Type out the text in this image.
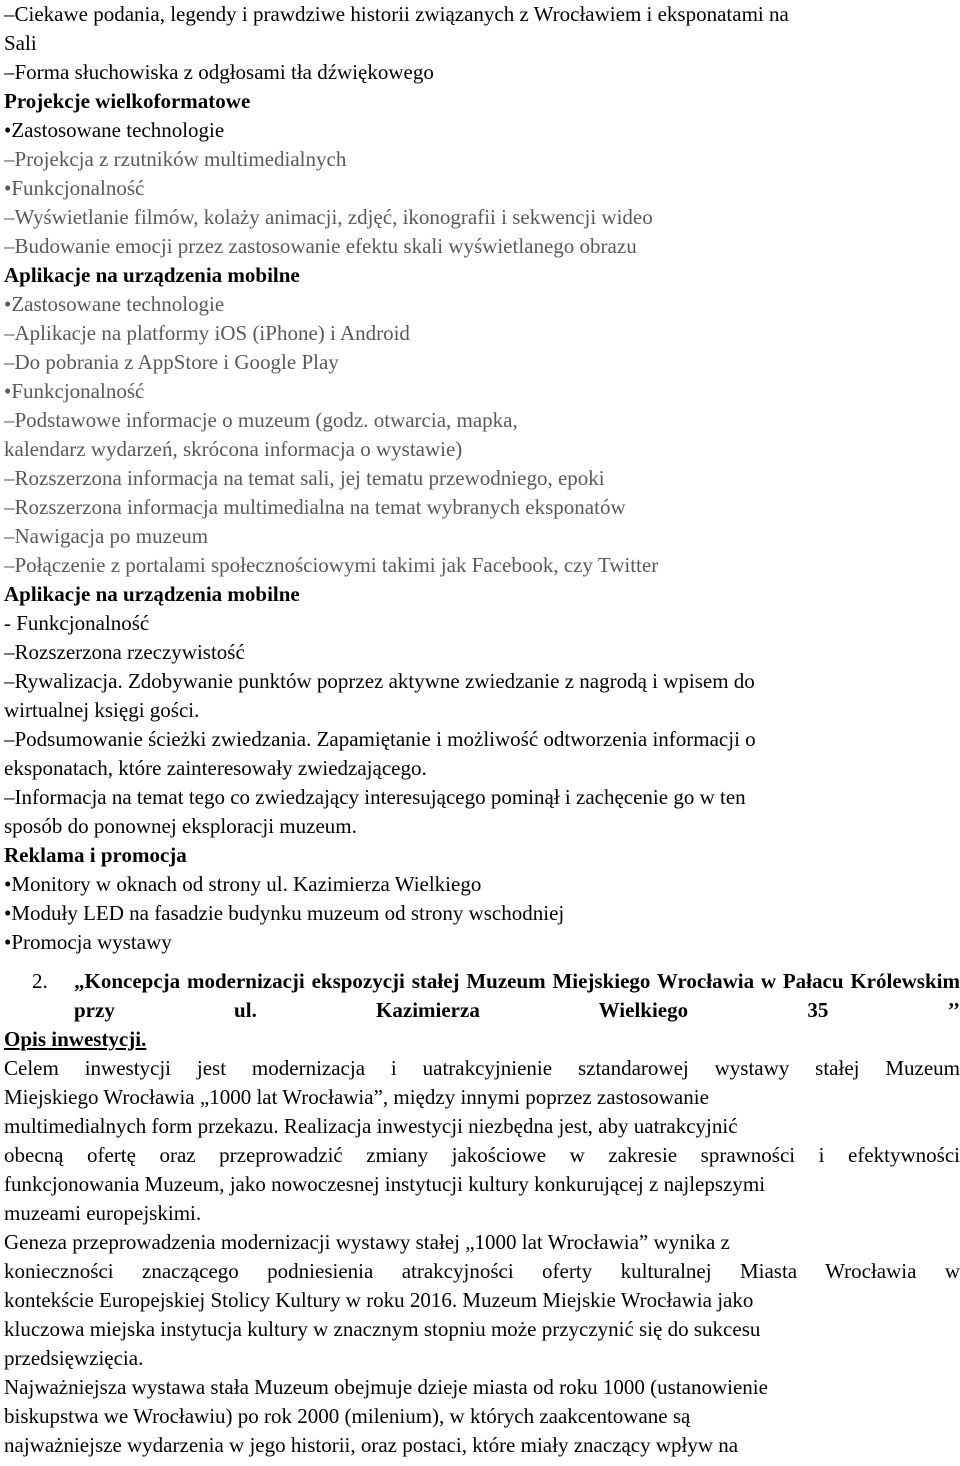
–Ciekawe podania, legendy i prawdziwe historii związanych z Wrocławiem i eksponatami na
Sali
–Forma słuchowiska z odgłosami tła dźwiękowego
Projekcje wielkoformatowe
•Zastosowane technologie
–Projekcja z rzutników multimedialnych
•Funkcjonalność
–Wyświetlanie filmów, kolaży animacji, zdjęć, ikonografii i sekwencji wideo
–Budowanie emocji przez zastosowanie efektu skali wyświetlanego obrazu
Aplikacje na urządzenia mobilne
•Zastosowane technologie
–Aplikacje na platformy iOS (iPhone) i Android
–Do pobrania z AppStore i Google Play
•Funkcjonalność
–Podstawowe informacje o muzeum (godz. otwarcia, mapka,
kalendarz wydarzeń, skrócona informacja o wystawie)
–Rozszerzona informacja na temat sali, jej tematu przewodniego, epoki
–Rozszerzona informacja multimedialna na temat wybranych eksponatów
–Nawigacja po muzeum
–Połączenie z portalami społecznościowymi takimi jak Facebook, czy Twitter
Aplikacje na urządzenia mobilne
- Funkcjonalność
–Rozszerzona rzeczywistość
–Rywalizacja. Zdobywanie punktów poprzez aktywne zwiedzanie z nagrodą i wpisem do
wirtualnej księgi gości.
–Podsumowanie ścieżki zwiedzania. Zapamiętanie i możliwość odtworzenia informacji o
eksponatach, które zainteresowały zwiedzającego.
–Informacja na temat tego co zwiedzający interesującego pominął i zachęcenie go w ten
sposób do ponownej eksploracji muzeum.
Reklama i promocja
•Monitory w oknach od strony ul. Kazimierza Wielkiego
•Moduły LED na fasadzie budynku muzeum od strony wschodniej
•Promocja wystawy
2.	„Koncepcja modernizacji ekspozycji stałej Muzeum Miejskiego Wrocławia w Pałacu Królewskim przy ul. Kazimierza Wielkiego 35 ’’
Opis inwestycji.
Celem inwestycji jest modernizacja i uatrakcyjnienie sztandarowej wystawy stałej Muzeum
Miejskiego Wrocławia „1000 lat Wrocławia”, między innymi poprzez zastosowanie
multimedialnych form przekazu. Realizacja inwestycji niezbędna jest, aby uatrakcyjnić
obecną ofertę oraz przeprowadzić zmiany jakościowe w zakresie sprawności i efektywności
funkcjonowania Muzeum, jako nowoczesnej instytucji kultury konkurującej z najlepszymi
muzeami europejskimi.
Geneza przeprowadzenia modernizacji wystawy stałej „1000 lat Wrocławia” wynika z
konieczności znaczącego podniesienia atrakcyjności oferty kulturalnej Miasta Wrocławia w
kontekście Europejskiej Stolicy Kultury w roku 2016. Muzeum Miejskie Wrocławia jako
kluczowa miejska instytucja kultury w znacznym stopniu może przyczynić się do sukcesu
przedsięwzięcia.
Najważniejsza wystawa stała Muzeum obejmuje dzieje miasta od roku 1000 (ustanowienie
biskupstwa we Wrocławiu) po rok 2000 (milenium), w których zaakcentowane są
najważniejsze wydarzenia w jego historii, oraz postaci, które miały znaczący wpływ na
